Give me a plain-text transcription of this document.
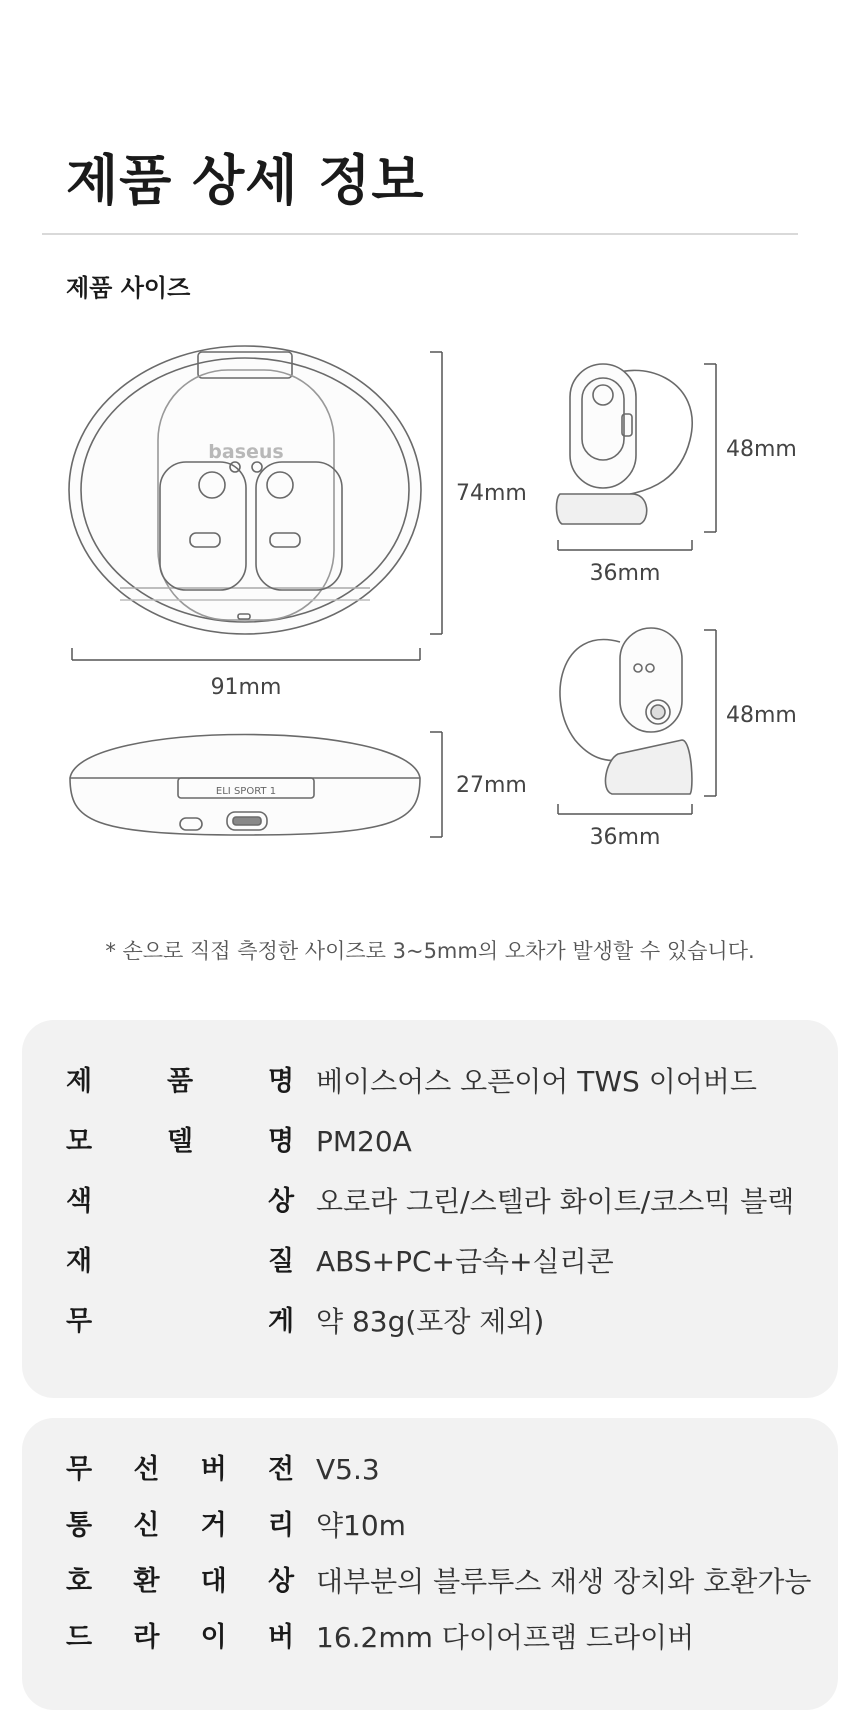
제품 상세 정보
제품 사이즈
baseus
74mm
91mm
ELI SPORT 1	27mm
48mm
36mm
48mm
36mm
* 손으로 직접 측정한 사이즈로 3~5mm의 오차가 발생할 수 있습니다.
제	품	명 베이스어스 오픈이어 TWS 이어버드
모	델	명 PM20A
색	상 오로라 그린/스텔라 화이트/코스믹 블랙
재	질 ABS+PC+금속+실리콘
무	게 약 83g(포장 제외)
무 선 버 전 V5.3
통 신 거 리 약10m
호 환 대 상 대부분의 블루투스 재생 장치와 호환가능
드 라 이 버 16.2mm 다이어프램 드라이버
